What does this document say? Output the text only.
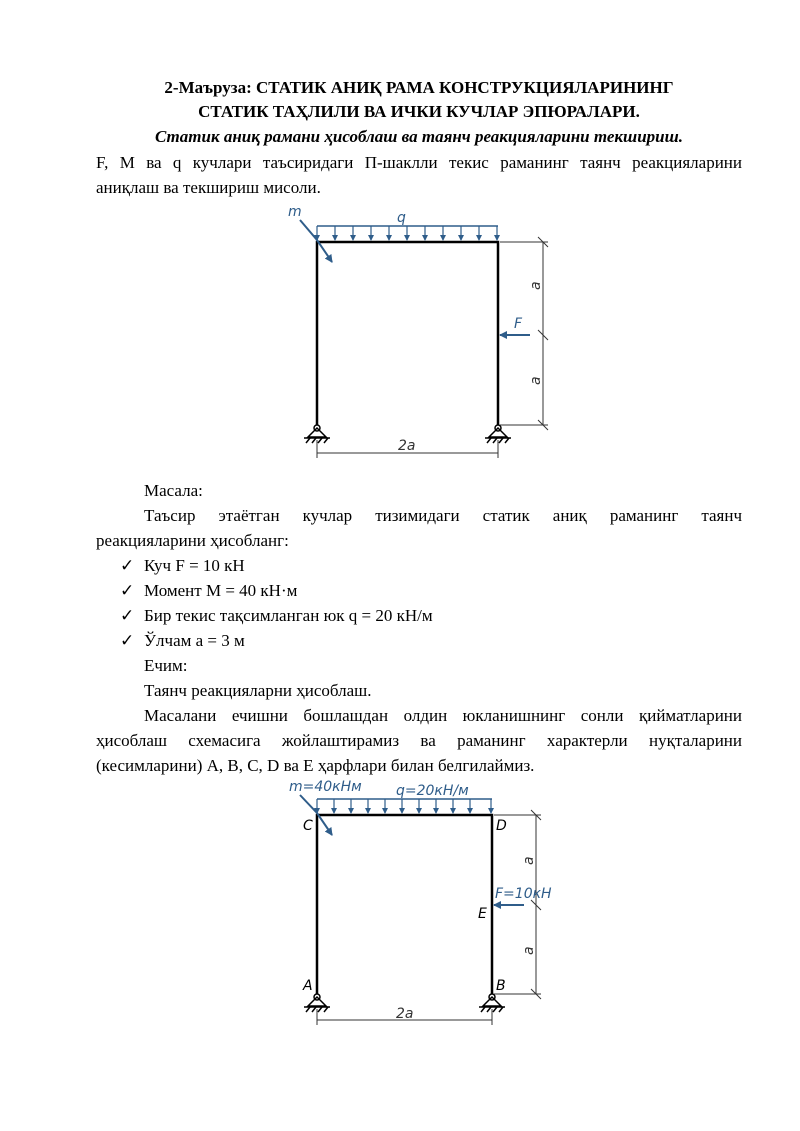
2-Маъруза: СТАТИК АНИҚ РАМА КОНСТРУКЦИЯЛАРИНИНГ
СТАТИК ТАҲЛИЛИ ВА ИЧКИ КУЧЛАР ЭПЮРАЛАРИ.
Статик аниқ рамани ҳисоблаш ва таянч реакцияларини текшириш.
F, M ва q кучлари таъсиридаги П-шаклли текис раманинг таянч реакцияларини
аниқлаш ва текшириш мисоли.
m	q
F
a
a
2a
Масала:
Таъсир этаётган кучлар тизимидаги статик аниқ раманинг таянч
реакцияларини ҳисобланг:
✓ Куч F = 10 кН
✓ Момент M = 40 кН·м
✓ Бир текис тақсимланган юк q = 20 кН/м
✓ Ўлчам a = 3 м
Ечим:
Таянч реакцияларни ҳисоблаш.
Масалани ечишни бошлашдан олдин юкланишнинг сонли қийматларини
ҳисоблаш схемасига жойлаштирамиз ва раманинг характерли нуқталарини
(кесимларини) A, B, C, D ва E ҳарфлари билан белгилаймиз.
m=40кНм q=20кН/м
F=10кН
C	D
E
A	B
a
a
2a
